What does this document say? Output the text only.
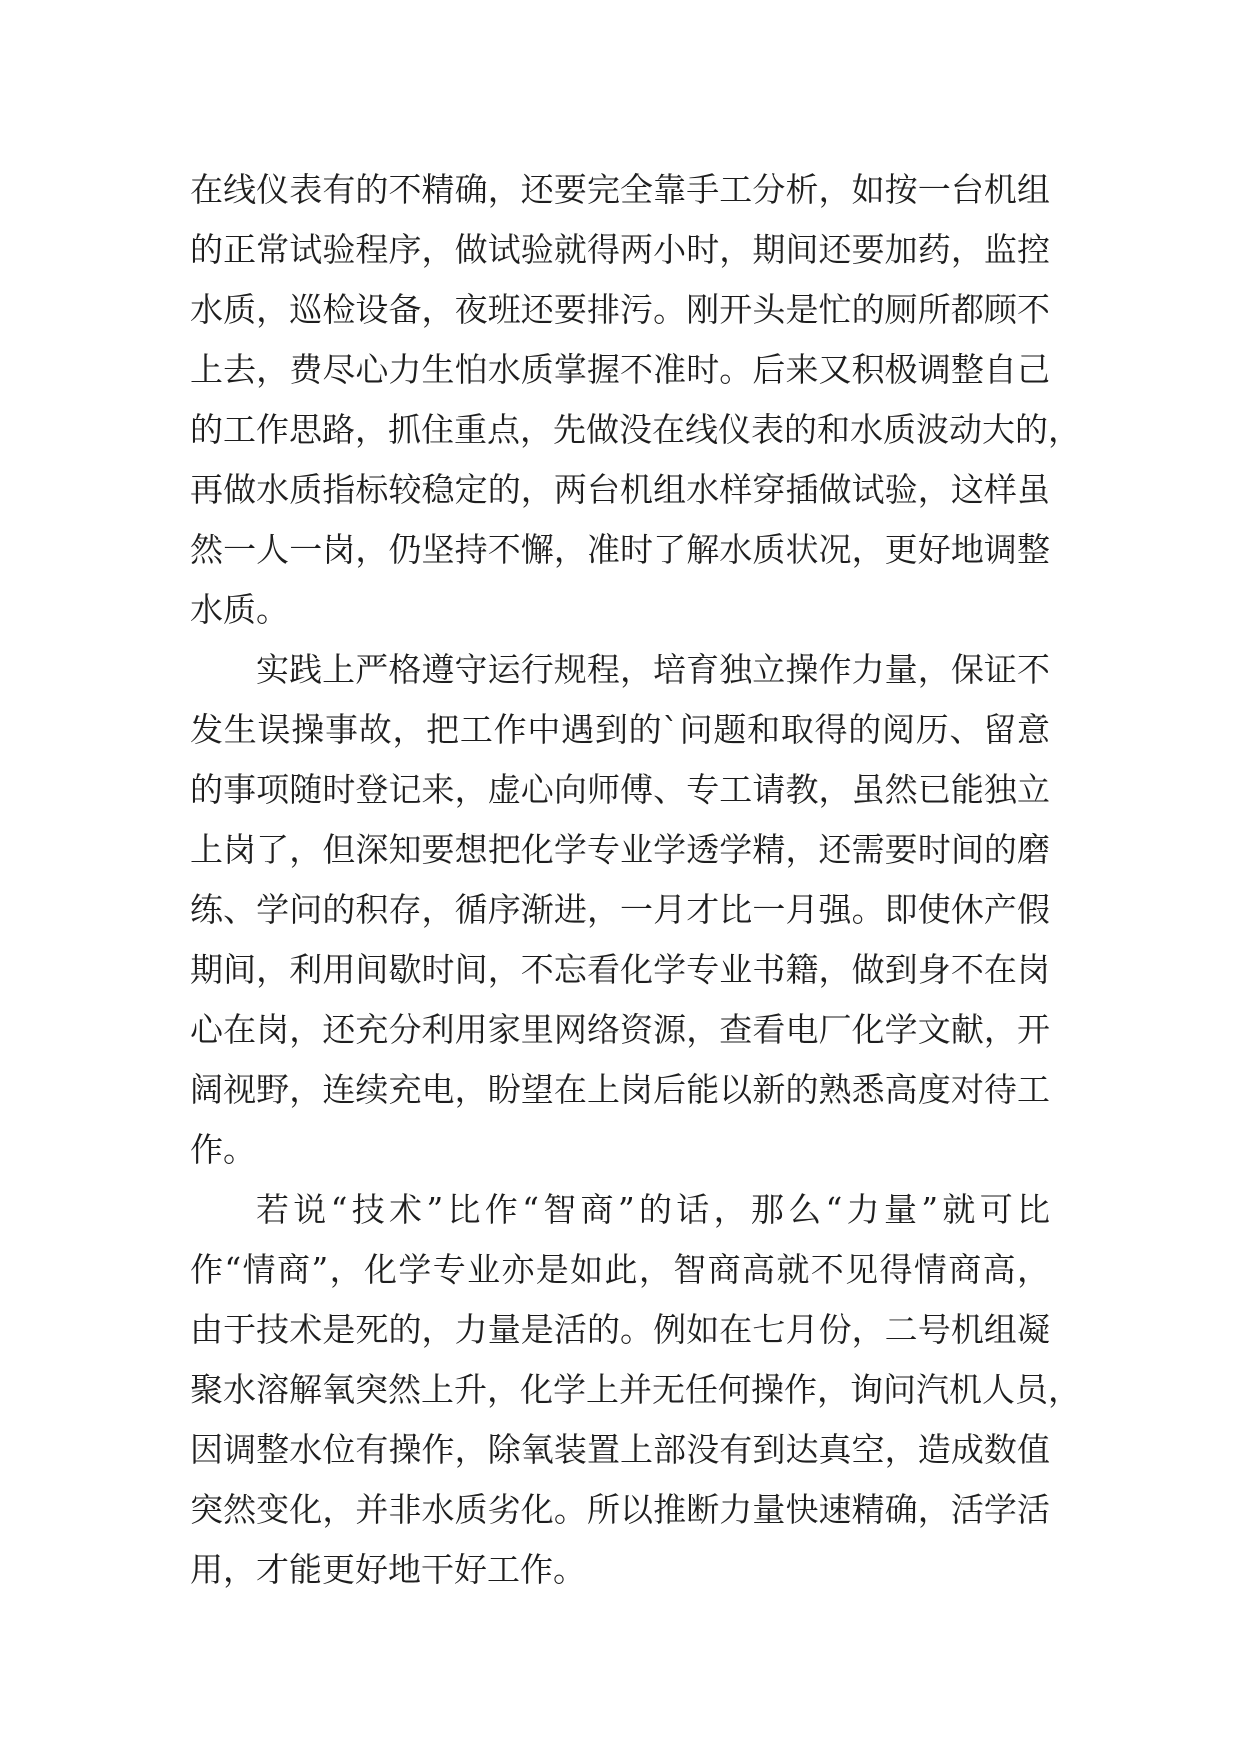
在线仪表有的不精确，还要完全靠手工分析，如按一台机组
的正常试验程序，做试验就得两小时，期间还要加药，监控
水质，巡检设备，夜班还要排污。刚开头是忙的厕所都顾不
上去，费尽心力生怕水质掌握不准时。后来又积极调整自己
的工作思路，抓住重点，先做没在线仪表的和水质波动大的，
再做水质指标较稳定的，两台机组水样穿插做试验，这样虽
然一人一岗，仍坚持不懈，准时了解水质状况，更好地调整
水质。
实践上严格遵守运行规程，培育独立操作力量，保证不
发生误操事故，把工作中遇到的`问题和取得的阅历、留意
的事项随时登记来，虚心向师傅、专工请教，虽然已能独立
上岗了，但深知要想把化学专业学透学精，还需要时间的磨
练、学问的积存，循序渐进，一月才比一月强。即使休产假
期间，利用间歇时间，不忘看化学专业书籍，做到身不在岗
心在岗，还充分利用家里网络资源，查看电厂化学文献，开
阔视野，连续充电，盼望在上岗后能以新的熟悉高度对待工
作。
若说“技术”比作“智商”的话，那么“力量”就可比
作“情商”，化学专业亦是如此，智商高就不见得情商高，
由于技术是死的，力量是活的。例如在七月份，二号机组凝
聚水溶解氧突然上升，化学上并无任何操作，询问汽机人员，
因调整水位有操作，除氧装置上部没有到达真空，造成数值
突然变化，并非水质劣化。所以推断力量快速精确，活学活
用，才能更好地干好工作。
